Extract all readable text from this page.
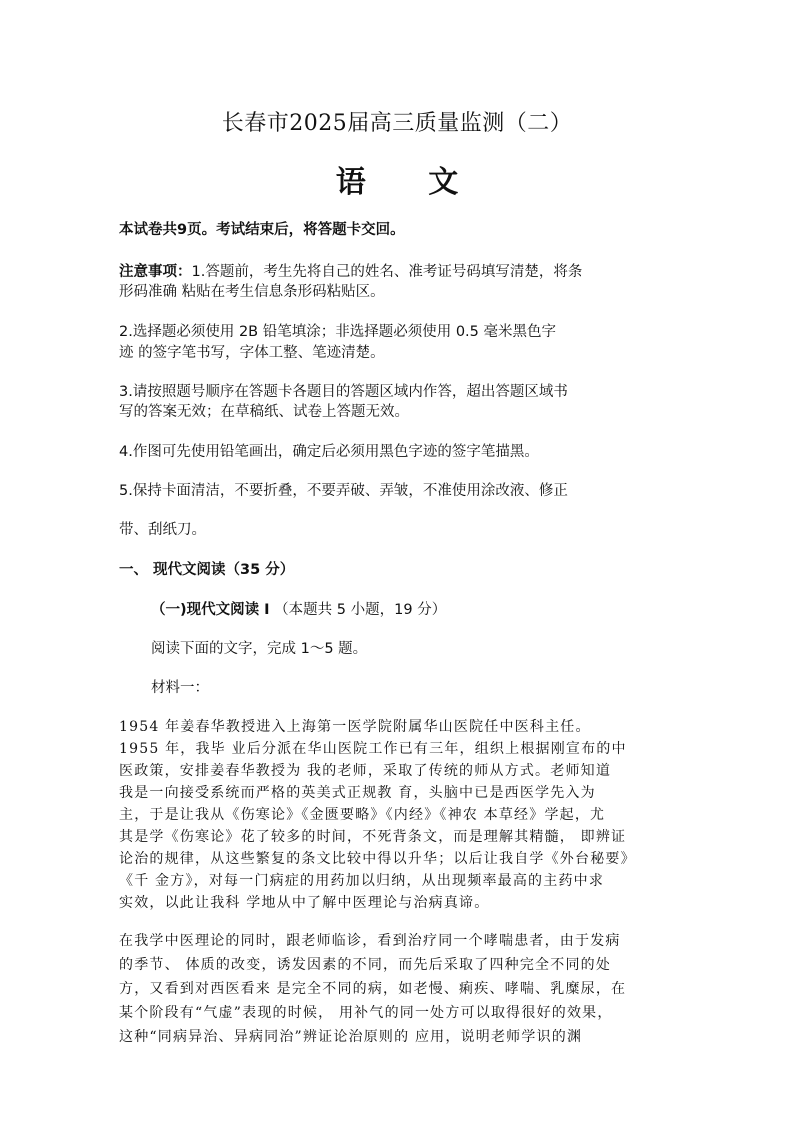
长春市2025届高三质量监测（二）
语 文
本试卷共9页。考试结束后，将答题卡交回。
注意事项：1.答题前，考生先将自己的姓名、准考证号码填写清楚，将条
形码准确 粘贴在考生信息条形码粘贴区。
2.选择题必须使用 2B 铅笔填涂；非选择题必须使用 0.5 毫米黑色字
迹 的签字笔书写，字体工整、笔迹清楚。
3.请按照题号顺序在答题卡各题目的答题区域内作答，超出答题区域书
写的答案无效；在草稿纸、试卷上答题无效。
4.作图可先使用铅笔画出，确定后必须用黑色字迹的签字笔描黑。
5.保持卡面清洁，不要折叠，不要弄破、弄皱，不准使用涂改液、修正
带、刮纸刀。
一、 现代文阅读（35 分）
（一)现代文阅读 I （本题共 5 小题，19 分）
阅读下面的文字，完成 1～5 题。
材料一：
1954 年姜春华教授进入上海第一医学院附属华山医院任中医科主任。
1955 年，我毕 业后分派在华山医院工作已有三年，组织上根据刚宣布的中
医政策，安排姜春华教授为 我的老师，采取了传统的师从方式。老师知道
我是一向接受系统而严格的英美式正规教 育，头脑中已是西医学先入为
主，于是让我从《伤寒论》《金匮要略》《内经》《神农 本草经》学起，尤
其是学《伤寒论》花了较多的时间，不死背条文，而是理解其精髓， 即辨证
论治的规律，从这些繁复的条文比较中得以升华；以后让我自学《外台秘要》
《千 金方》，对每一门病症的用药加以归纳，从出现频率最高的主药中求
实效，以此让我科 学地从中了解中医理论与治病真谛。
在我学中医理论的同时，跟老师临诊，看到治疗同一个哮喘患者，由于发病
的季节、 体质的改变，诱发因素的不同，而先后采取了四种完全不同的处
方，又看到对西医看来 是完全不同的病，如老慢、痢疾、哮喘、乳糜尿，在
某个阶段有“气虚”表现的时候， 用补气的同一处方可以取得很好的效果，
这种“同病异治、异病同治”辨证论治原则的 应用，说明老师学识的渊
